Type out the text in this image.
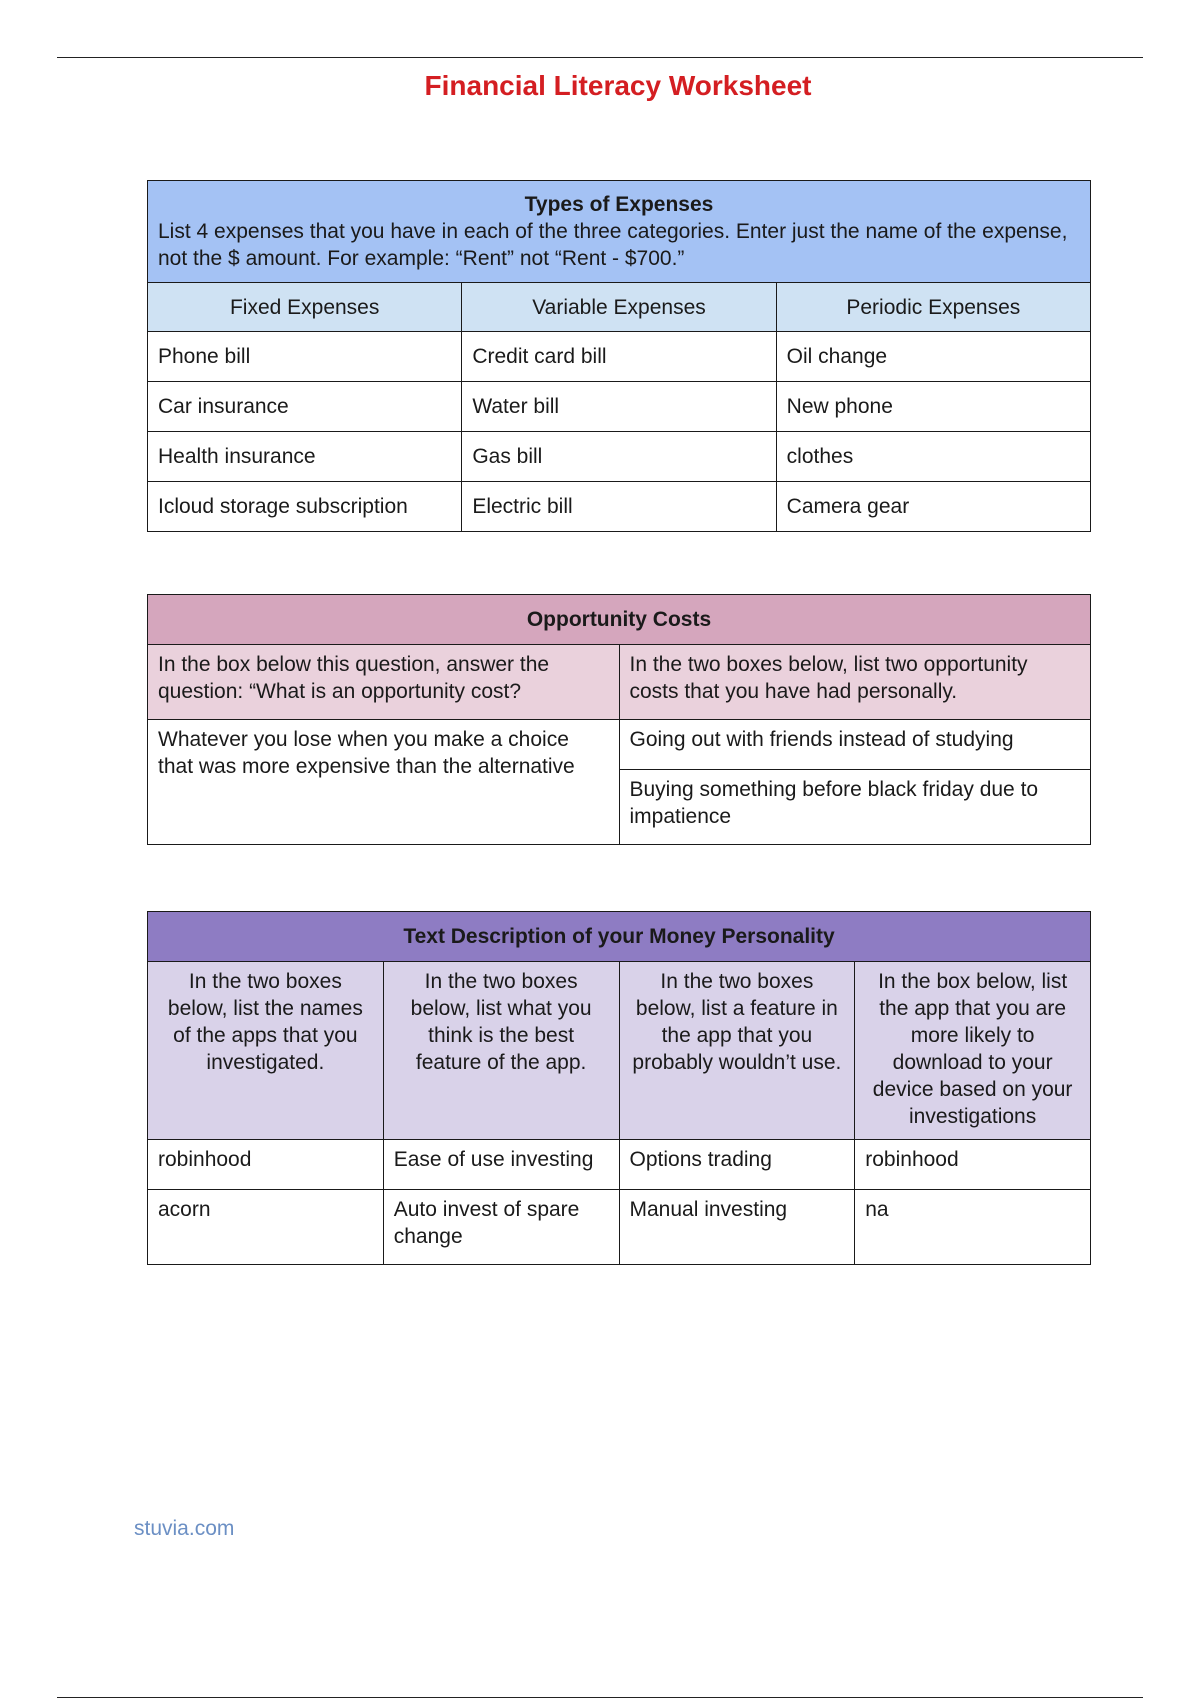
Financial Literacy Worksheet
Types of Expenses
List 4 expenses that you have in each of the three categories. Enter just the name of the expense, not the $ amount. For example: “Rent” not “Rent - $700.”		
Fixed Expenses	Variable Expenses	Periodic Expenses
Phone bill	Credit card bill	Oil change
Car insurance	Water bill	New phone
Health insurance	Gas bill	clothes
Icloud storage subscription	Electric bill	Camera gear
Opportunity Costs	
In the box below this question, answer the question: “What is an opportunity cost?	In the two boxes below, list two opportunity costs that you have had personally.
Whatever you lose when you make a choice that was more expensive than the alternative	Going out with friends instead of studying
	Buying something before black friday due to impatience
Text Description of your Money Personality			
In the two boxes below, list the names of the apps that you investigated.	In the two boxes below, list what you think is the best feature of the app.	In the two boxes below, list a feature in the app that you probably wouldn’t use.	In the box below, list the app that you are more likely to download to your device based on your investigations
robinhood	Ease of use investing	Options trading	robinhood
acorn	Auto invest of spare change	Manual investing	na
stuvia.com
